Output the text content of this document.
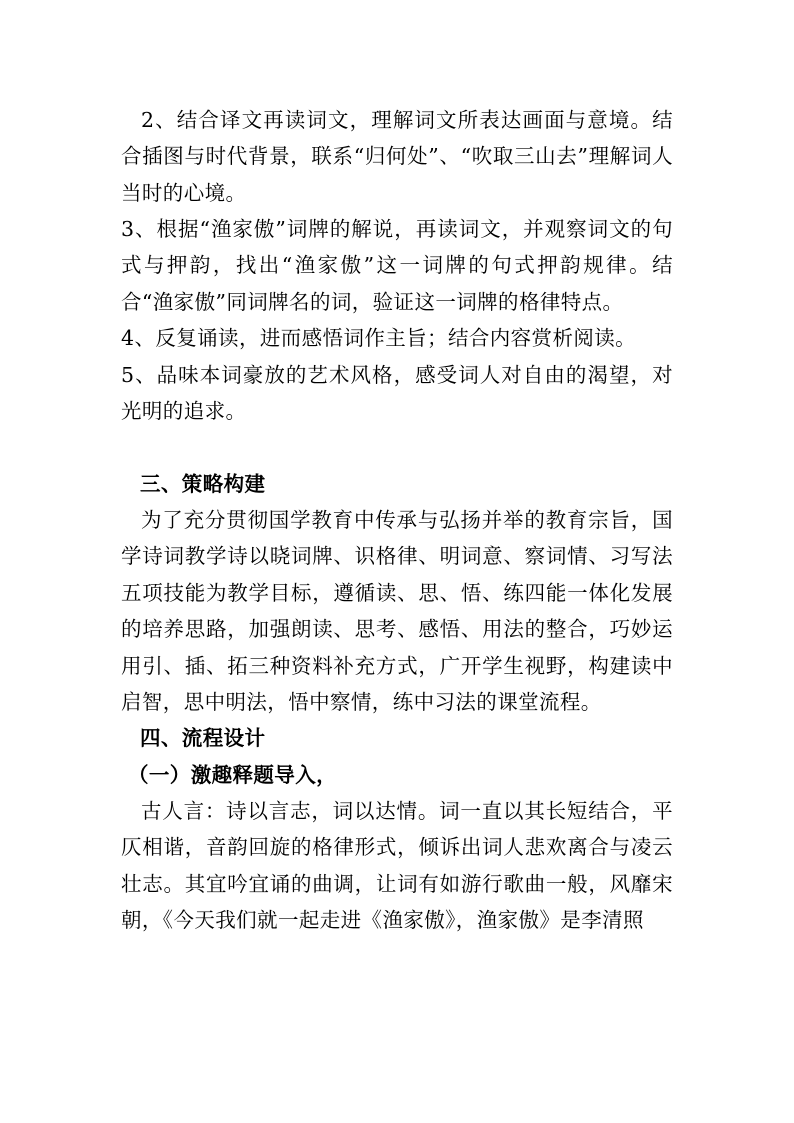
2、结合译文再读词文，理解词文所表达画面与意境。结合插图与时代背景，联系“归何处”、“吹取三山去”理解词人当时的心境。

3、根据“渔家傲”词牌的解说，再读词文，并观察词文的句式与押韵，找出“渔家傲”这一词牌的句式押韵规律。结合“渔家傲”同词牌名的词，验证这一词牌的格律特点。

4、反复诵读，进而感悟词作主旨；结合内容赏析阅读。

5、品味本词豪放的艺术风格，感受词人对自由的渴望，对光明的追求。

三、策略构建

为了充分贯彻国学教育中传承与弘扬并举的教育宗旨，国学诗词教学诗以晓词牌、识格律、明词意、察词情、习写法五项技能为教学目标，遵循读、思、悟、练四能一体化发展的培养思路，加强朗读、思考、感悟、用法的整合，巧妙运用引、插、拓三种资料补充方式，广开学生视野，构建读中启智，思中明法，悟中察情，练中习法的课堂流程。

四、流程设计
（一）激趣释题导入，

古人言：诗以言志，词以达情。词一直以其长短结合，平仄相谐，音韵回旋的格律形式，倾诉出词人悲欢离合与凌云壮志。其宜吟宜诵的曲调，让词有如游行歌曲一般，风靡宋朝，《今天我们就一起走进《渔家傲》，渔家傲》是李清照
